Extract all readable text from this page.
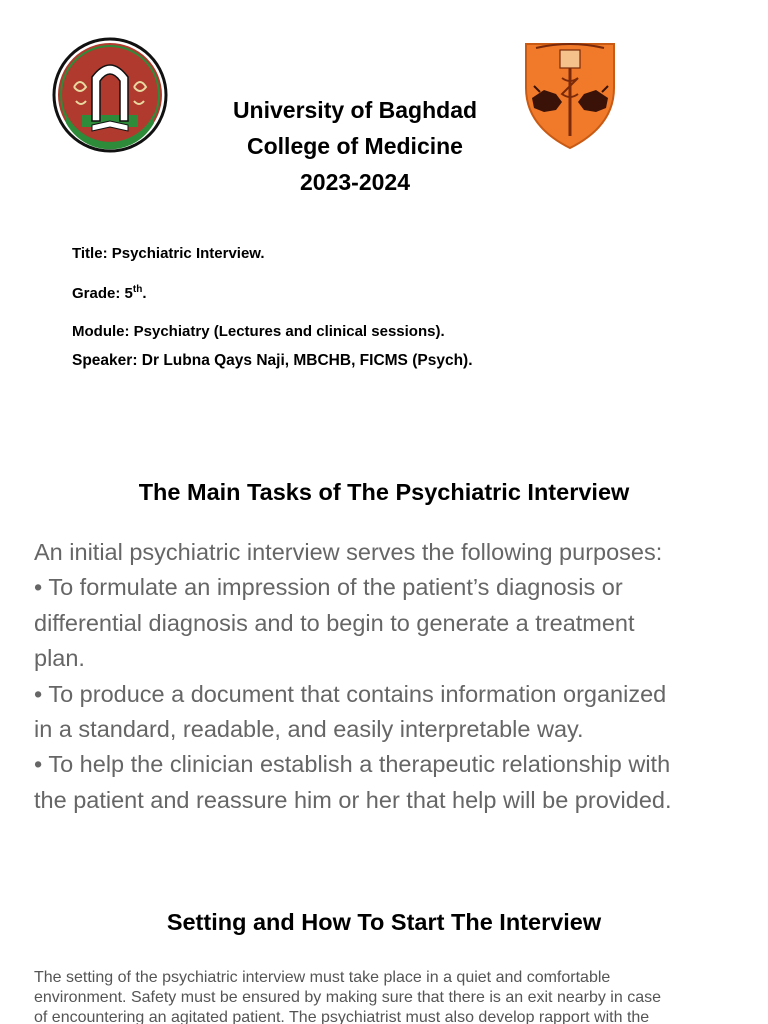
University of Baghdad
College of Medicine
2023-2024
Title: Psychiatric Interview.
Grade: 5th.
Module: Psychiatry (Lectures and clinical sessions).
Speaker: Dr Lubna Qays Naji, MBCHB, FICMS (Psych).
The Main Tasks of The Psychiatric Interview
An initial psychiatric interview serves the following purposes:
• To formulate an impression of the patient’s diagnosis or
differential diagnosis and to begin to generate a treatment
plan.
• To produce a document that contains information organized
in a standard, readable, and easily interpretable way.
• To help the clinician establish a therapeutic relationship with
the patient and reassure him or her that help will be provided.
Setting and How To Start The Interview
The setting of the psychiatric interview must take place in a quiet and comfortable
environment. Safety must be ensured by making sure that there is an exit nearby in case
of encountering an agitated patient. The psychiatrist must also develop rapport with the
